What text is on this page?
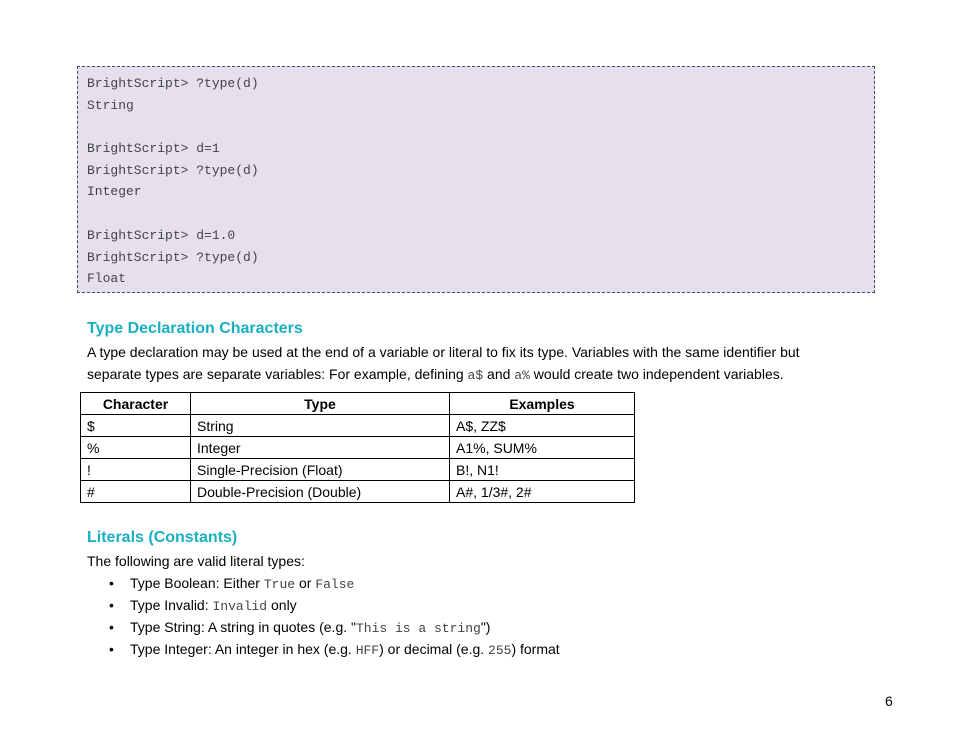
BrightScript> ?type(d)
String
BrightScript> d=1
BrightScript> ?type(d)
Integer
BrightScript> d=1.0
BrightScript> ?type(d)
Float
Type Declaration Characters

A type declaration may be used at the end of a variable or literal to fix its type. Variables with the same identifier but separate types are separate variables: For example, defining a$ and a% would create two independent variables.

Character	Type	Examples
$	String	A$, ZZ$
%	Integer	A1%, SUM%
!	Single-Precision (Float)	B!, N1!
#	Double-Precision (Double)	A#, 1/3#, 2#
Literals (Constants)

The following are valid literal types:

• Type Boolean: Either True or False
• Type Invalid: Invalid only
• Type String: A string in quotes (e.g. "This is a string")
• Type Integer: An integer in hex (e.g. HFF) or decimal (e.g. 255) format
6
